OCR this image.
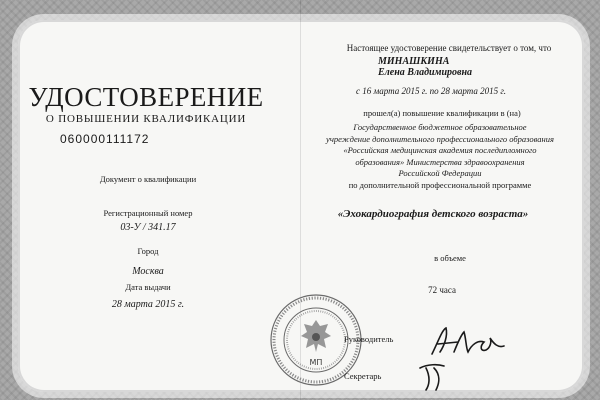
УДОСТОВЕРЕНИЕ
О ПОВЫШЕНИИ КВАЛИФИКАЦИИ
060000111172
Документ о квалификации
Регистрационный номер
03-У / 341.17
Город
Москва
Дата выдачи
28 марта 2015 г.
Настоящее удостоверение свидетельствует о том, что
МИНАШКИНА
Елена Владимировна
с 16 марта 2015 г. по 28 марта 2015 г.
прошел(а) повышение квалификации в (на)
Государственное бюджетное образовательное
учреждение дополнительного профессионального образования
«Российская медицинская академия последипломного
образования» Министерства здравоохранения
Российской Федерации
по дополнительной профессиональной программе
«Эхокардиография детского возраста»
в объеме
72 часа
МП
Руководитель
Секретарь
